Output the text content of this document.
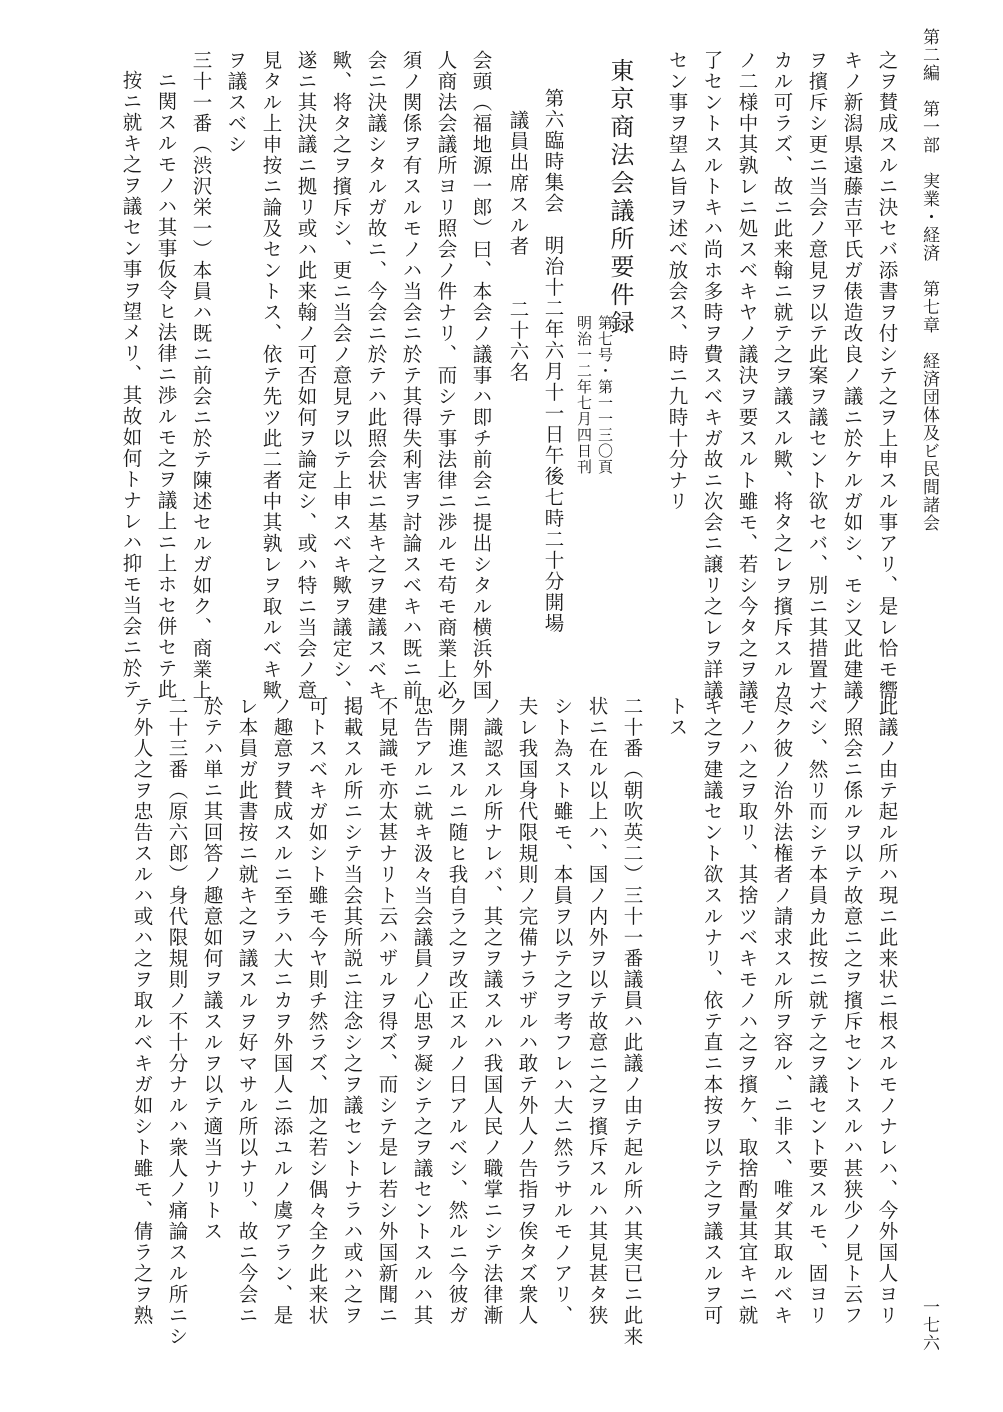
第二編　第一部　実業・経済　第七章　経済団体及ビ民間諸会
一七六
之ヲ賛成スルニ決セバ添書ヲ付シテ之ヲ上申スル事アリ、是レ恰モ嚮
キノ新潟県遠藤吉平氏ガ俵造改良ノ議ニ於ケルガ如シ、モシ又此建議
ヲ擯斥シ更ニ当会ノ意見ヲ以テ此案ヲ議セント欲セバ、別ニ其措置ナ
カル可ラズ、故ニ此来翰ニ就テ之ヲ議スル歟、将タ之レヲ擯斥スルカ
ノ二様中其孰レニ処スベキヤノ議決ヲ要スルト雖モ、若シ今タ之ヲ議
了セントスルトキハ尚ホ多時ヲ費スベキガ故ニ次会ニ譲リ之レヲ詳議
セン事ヲ望ム旨ヲ述べ放会ス、時ニ九時十分ナリ
第七号・第一一三〇頁
明治一二年七月四日刊
東京商法会議所要件録
第六臨時集会　明治十二年六月十一日午後七時二十分開場
議員出席スル者　　二十六名
会頭（福地源一郎）曰、本会ノ議事ハ即チ前会ニ提出シタル横浜外国
人商法会議所ヨリ照会ノ件ナリ、而シテ事法律ニ渉ルモ苟モ商業上必
須ノ関係ヲ有スルモノハ当会ニ於テ其得失利害ヲ討論スベキハ既ニ前
会ニ決議シタルガ故ニ、今会ニ於テハ此照会状ニ基キ之ヲ建議スベキ
歟、将タ之ヲ擯斥シ、更ニ当会ノ意見ヲ以テ上申スベキ歟ヲ議定シ、
遂ニ其決議ニ拠リ或ハ此来翰ノ可否如何ヲ論定シ、或ハ特ニ当会ノ意
見タル上申按ニ論及セントス、依テ先ツ此二者中其孰レヲ取ルベキ歟
ヲ議スベシ
三十一番（渋沢栄一）本員ハ既ニ前会ニ於テ陳述セルガ如ク、商業上
ニ関スルモノハ其事仮令ヒ法律ニ渉ルモ之ヲ議上ニ上ホセ併セテ此
按ニ就キ之ヲ議セン事ヲ望メリ、其故如何トナレハ抑モ当会ニ於テ
此議ノ由テ起ル所ハ現ニ此来状ニ根スルモノナレハ、今外国人ヨリ
ノ照会ニ係ルヲ以テ故意ニ之ヲ擯斥セントスルハ甚狭少ノ見ト云フ
べシ、然リ而シテ本員カ此按ニ就テ之ヲ議セント要スルモ、固ヨリ
尽ク彼ノ治外法権者ノ請求スル所ヲ容ル、ニ非ス、唯ダ其取ルベキ
モノハ之ヲ取リ、其捨ツベキモノハ之ヲ擯ケ、取捨酌量其宜キニ就
キ之ヲ建議セント欲スルナリ、依テ直ニ本按ヲ以テ之ヲ議スルヲ可
トス
二十番（朝吹英二）三十一番議員ハ此議ノ由テ起ル所ハ其実已ニ此来
状ニ在ル以上ハ、国ノ内外ヲ以テ故意ニ之ヲ擯斥スルハ其見甚タ狭
シト為スト雖モ、本員ヲ以テ之ヲ考フレハ大ニ然ラサルモノアリ、
夫レ我国身代限規則ノ完備ナラザルハ敢テ外人ノ告指ヲ俟タズ衆人
ノ識認スル所ナレバ、其之ヲ議スルハ我国人民ノ職掌ニシテ法律漸
ク開進スルニ随ヒ我自ラ之ヲ改正スルノ日アルベシ、然ルニ今彼ガ
忠告アルニ就キ汲々当会議員ノ心思ヲ凝シテ之ヲ議セントスルハ其
不見識モ亦太甚ナリト云ハザルヲ得ズ、而シテ是レ若シ外国新聞ニ
掲載スル所ニシテ当会其所説ニ注念シ之ヲ議セントナラハ或ハ之ヲ
可トスベキガ如シト雖モ今ヤ則チ然ラズ、加之若シ偶々全ク此来状
ノ趣意ヲ賛成スルニ至ラハ大ニカヲ外国人ニ添ユルノ虞アラン、是
レ本員ガ此書按ニ就キ之ヲ議スルヲ好マサル所以ナリ、故ニ今会ニ
於テハ単ニ其回答ノ趣意如何ヲ議スルヲ以テ適当ナリトス
二十三番（原六郎）身代限規則ノ不十分ナルハ衆人ノ痛論スル所ニシ
テ外人之ヲ忠告スルハ或ハ之ヲ取ルベキガ如シト雖モ、倩ラ之ヲ熟
